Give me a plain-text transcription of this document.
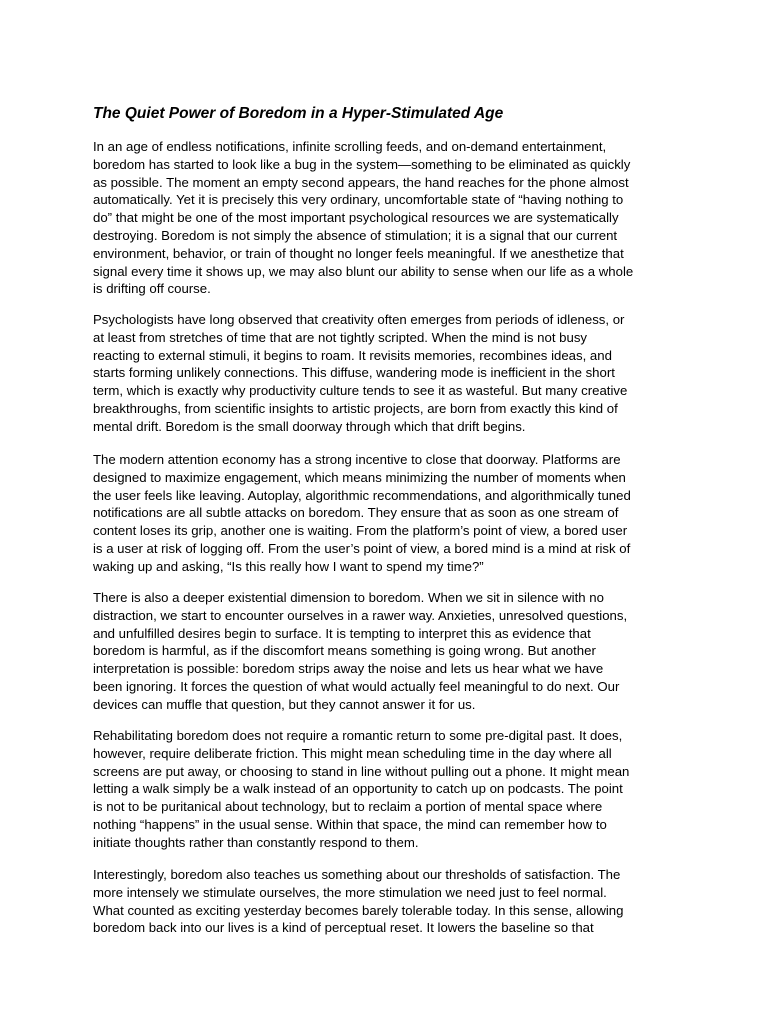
The Quiet Power of Boredom in a Hyper-Stimulated Age

In an age of endless notifications, infinite scrolling feeds, and on-demand entertainment,
boredom has started to look like a bug in the system—something to be eliminated as quickly
as possible. The moment an empty second appears, the hand reaches for the phone almost
automatically. Yet it is precisely this very ordinary, uncomfortable state of “having nothing to
do” that might be one of the most important psychological resources we are systematically
destroying. Boredom is not simply the absence of stimulation; it is a signal that our current
environment, behavior, or train of thought no longer feels meaningful. If we anesthetize that
signal every time it shows up, we may also blunt our ability to sense when our life as a whole
is drifting off course.

Psychologists have long observed that creativity often emerges from periods of idleness, or
at least from stretches of time that are not tightly scripted. When the mind is not busy
reacting to external stimuli, it begins to roam. It revisits memories, recombines ideas, and
starts forming unlikely connections. This diffuse, wandering mode is inefficient in the short
term, which is exactly why productivity culture tends to see it as wasteful. But many creative
breakthroughs, from scientific insights to artistic projects, are born from exactly this kind of
mental drift. Boredom is the small doorway through which that drift begins.

The modern attention economy has a strong incentive to close that doorway. Platforms are
designed to maximize engagement, which means minimizing the number of moments when
the user feels like leaving. Autoplay, algorithmic recommendations, and algorithmically tuned
notifications are all subtle attacks on boredom. They ensure that as soon as one stream of
content loses its grip, another one is waiting. From the platform’s point of view, a bored user
is a user at risk of logging off. From the user’s point of view, a bored mind is a mind at risk of
waking up and asking, “Is this really how I want to spend my time?”

There is also a deeper existential dimension to boredom. When we sit in silence with no
distraction, we start to encounter ourselves in a rawer way. Anxieties, unresolved questions,
and unfulfilled desires begin to surface. It is tempting to interpret this as evidence that
boredom is harmful, as if the discomfort means something is going wrong. But another
interpretation is possible: boredom strips away the noise and lets us hear what we have
been ignoring. It forces the question of what would actually feel meaningful to do next. Our
devices can muffle that question, but they cannot answer it for us.

Rehabilitating boredom does not require a romantic return to some pre-digital past. It does,
however, require deliberate friction. This might mean scheduling time in the day where all
screens are put away, or choosing to stand in line without pulling out a phone. It might mean
letting a walk simply be a walk instead of an opportunity to catch up on podcasts. The point
is not to be puritanical about technology, but to reclaim a portion of mental space where
nothing “happens” in the usual sense. Within that space, the mind can remember how to
initiate thoughts rather than constantly respond to them.

Interestingly, boredom also teaches us something about our thresholds of satisfaction. The
more intensely we stimulate ourselves, the more stimulation we need just to feel normal.
What counted as exciting yesterday becomes barely tolerable today. In this sense, allowing
boredom back into our lives is a kind of perceptual reset. It lowers the baseline so that
